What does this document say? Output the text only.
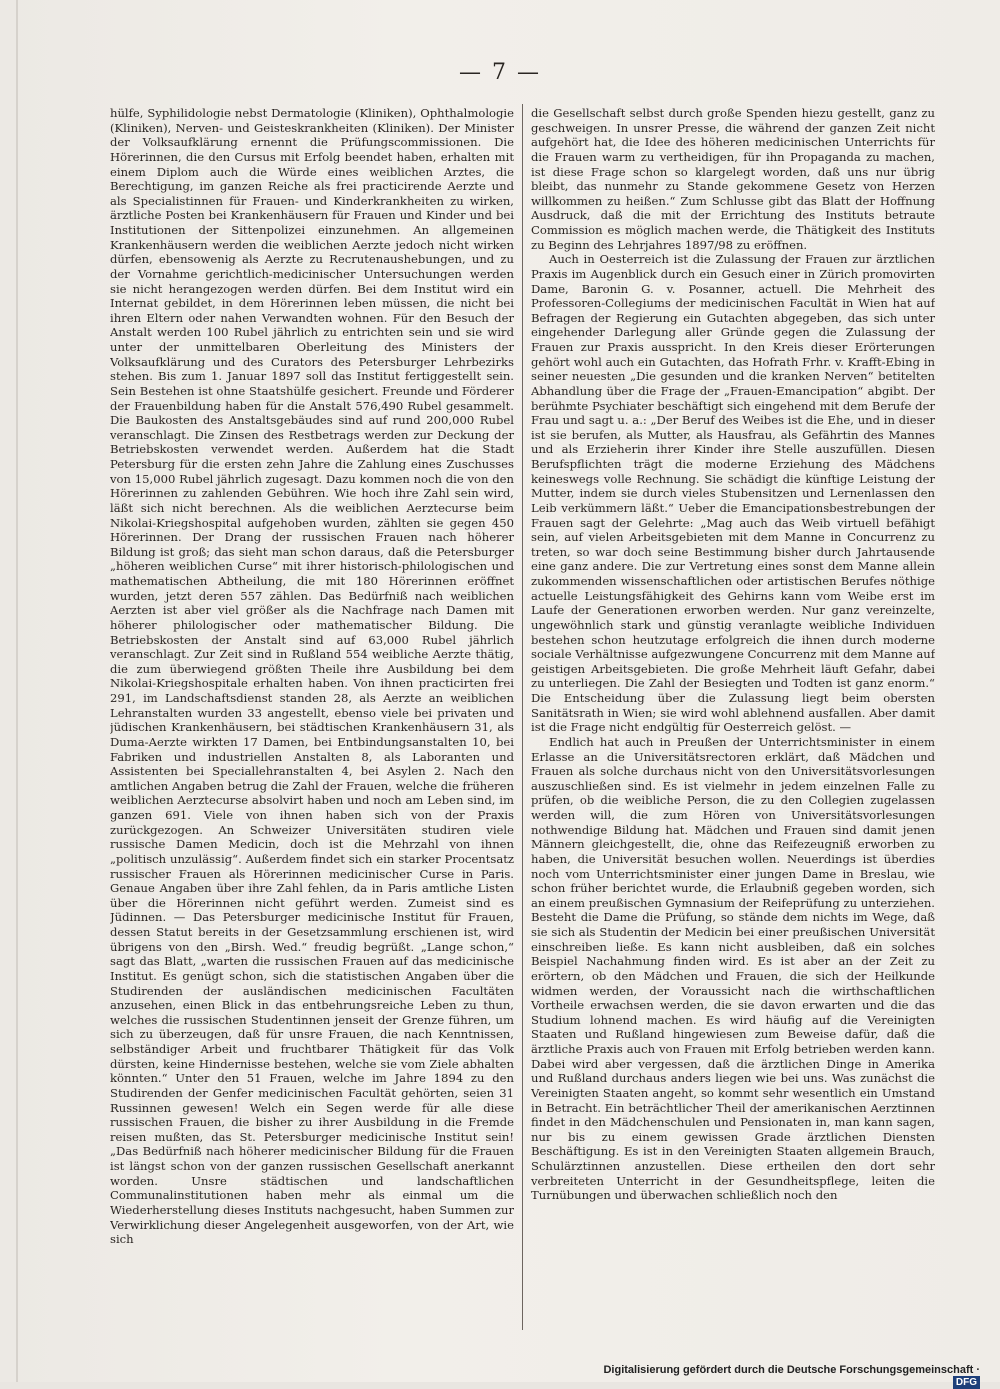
— 7 —

hülfe, Syphilidologie nebst Dermatologie (Kliniken), Ophthalmologie (Kliniken), Nerven- und Geisteskrankheiten (Kliniken). Der Minister der Volksaufklärung ernennt die Prüfungscommissionen. Die Hörerinnen, die den Cursus mit Erfolg beendet haben, erhalten mit einem Diplom auch die Würde eines weiblichen Arztes, die Berechtigung, im ganzen Reiche als frei practicirende Aerzte und als Specialistinnen für Frauen- und Kinderkrankheiten zu wirken, ärztliche Posten bei Krankenhäusern für Frauen und Kinder und bei Institutionen der Sittenpolizei einzunehmen. An allgemeinen Krankenhäusern werden die weiblichen Aerzte jedoch nicht wirken dürfen, ebensowenig als Aerzte zu Recrutenaushebungen, und zu der Vornahme gerichtlich-medicinischer Untersuchungen werden sie nicht herangezogen werden dürfen. Bei dem Institut wird ein Internat gebildet, in dem Hörerinnen leben müssen, die nicht bei ihren Eltern oder nahen Verwandten wohnen. Für den Besuch der Anstalt werden 100 Rubel jährlich zu entrichten sein und sie wird unter der unmittelbaren Oberleitung des Ministers der Volksaufklärung und des Curators des Petersburger Lehrbezirks stehen. Bis zum 1. Januar 1897 soll das Institut fertiggestellt sein. Sein Bestehen ist ohne Staatshülfe gesichert. Freunde und Förderer der Frauenbildung haben für die Anstalt 576,490 Rubel gesammelt. Die Baukosten des Anstaltsgebäudes sind auf rund 200,000 Rubel veranschlagt. Die Zinsen des Restbetrags werden zur Deckung der Betriebskosten verwendet werden. Außerdem hat die Stadt Petersburg für die ersten zehn Jahre die Zahlung eines Zuschusses von 15,000 Rubel jährlich zugesagt. Dazu kommen noch die von den Hörerinnen zu zahlenden Gebühren. Wie hoch ihre Zahl sein wird, läßt sich nicht berechnen. Als die weiblichen Aerztecurse beim Nikolai-Kriegshospital aufgehoben wurden, zählten sie gegen 450 Hörerinnen. Der Drang der russischen Frauen nach höherer Bildung ist groß; das sieht man schon daraus, daß die Petersburger „höheren weiblichen Curse“ mit ihrer historisch-philologischen und mathematischen Abtheilung, die mit 180 Hörerinnen eröffnet wurden, jetzt deren 557 zählen. Das Bedürfniß nach weiblichen Aerzten ist aber viel größer als die Nachfrage nach Damen mit höherer philologischer oder mathematischer Bildung. Die Betriebskosten der Anstalt sind auf 63,000 Rubel jährlich veranschlagt. Zur Zeit sind in Rußland 554 weibliche Aerzte thätig, die zum überwiegend größten Theile ihre Ausbildung bei dem Nikolai-Kriegshospitale erhalten haben. Von ihnen practicirten frei 291, im Landschaftsdienst standen 28, als Aerzte an weiblichen Lehranstalten wurden 33 angestellt, ebenso viele bei privaten und jüdischen Krankenhäusern, bei städtischen Krankenhäusern 31, als Duma-Aerzte wirkten 17 Damen, bei Entbindungsanstalten 10, bei Fabriken und industriellen Anstalten 8, als Laboranten und Assistenten bei Speciallehranstalten 4, bei Asylen 2. Nach den amtlichen Angaben betrug die Zahl der Frauen, welche die früheren weiblichen Aerztecurse absolvirt haben und noch am Leben sind, im ganzen 691. Viele von ihnen haben sich von der Praxis zurückgezogen. An Schweizer Universitäten studiren viele russische Damen Medicin, doch ist die Mehrzahl von ihnen „politisch unzulässig“. Außerdem findet sich ein starker Procentsatz russischer Frauen als Hörerinnen medicinischer Curse in Paris. Genaue Angaben über ihre Zahl fehlen, da in Paris amtliche Listen über die Hörerinnen nicht geführt werden. Zumeist sind es Jüdinnen. — Das Petersburger medicinische Institut für Frauen, dessen Statut bereits in der Gesetzsammlung erschienen ist, wird übrigens von den „Birsh. Wed.“ freudig begrüßt. „Lange schon,“ sagt das Blatt, „warten die russischen Frauen auf das medicinische Institut. Es genügt schon, sich die statistischen Angaben über die Studirenden der ausländischen medicinischen Facultäten anzusehen, einen Blick in das entbehrungsreiche Leben zu thun, welches die russischen Studentinnen jenseit der Grenze führen, um sich zu überzeugen, daß für unsre Frauen, die nach Kenntnissen, selbständiger Arbeit und fruchtbarer Thätigkeit für das Volk dürsten, keine Hindernisse bestehen, welche sie vom Ziele abhalten könnten.“ Unter den 51 Frauen, welche im Jahre 1894 zu den Studirenden der Genfer medicinischen Facultät gehörten, seien 31 Russinnen gewesen! Welch ein Segen werde für alle diese russischen Frauen, die bisher zu ihrer Ausbildung in die Fremde reisen mußten, das St. Petersburger medicinische Institut sein! „Das Bedürfniß nach höherer medicinischer Bildung für die Frauen ist längst schon von der ganzen russischen Gesellschaft anerkannt worden. Unsre städtischen und landschaftlichen Communalinstitutionen haben mehr als einmal um die Wiederherstellung dieses Instituts nachgesucht, haben Summen zur Verwirklichung dieser Angelegenheit ausgeworfen, von der Art, wie sich

die Gesellschaft selbst durch große Spenden hiezu gestellt, ganz zu geschweigen. In unsrer Presse, die während der ganzen Zeit nicht aufgehört hat, die Idee des höheren medicinischen Unterrichts für die Frauen warm zu vertheidigen, für ihn Propaganda zu machen, ist diese Frage schon so klargelegt worden, daß uns nur übrig bleibt, das nunmehr zu Stande gekommene Gesetz von Herzen willkommen zu heißen.“ Zum Schlusse gibt das Blatt der Hoffnung Ausdruck, daß die mit der Errichtung des Instituts betraute Commission es möglich machen werde, die Thätigkeit des Instituts zu Beginn des Lehrjahres 1897/98 zu eröffnen.

Auch in Oesterreich ist die Zulassung der Frauen zur ärztlichen Praxis im Augenblick durch ein Gesuch einer in Zürich promovirten Dame, Baronin G. v. Posanner, actuell. Die Mehrheit des Professoren-Collegiums der medicinischen Facultät in Wien hat auf Befragen der Regierung ein Gutachten abgegeben, das sich unter eingehender Darlegung aller Gründe gegen die Zulassung der Frauen zur Praxis ausspricht. In den Kreis dieser Erörterungen gehört wohl auch ein Gutachten, das Hofrath Frhr. v. Krafft-Ebing in seiner neuesten „Die gesunden und die kranken Nerven“ betitelten Abhandlung über die Frage der „Frauen-Emancipation“ abgibt. Der berühmte Psychiater beschäftigt sich eingehend mit dem Berufe der Frau und sagt u. a.: „Der Beruf des Weibes ist die Ehe, und in dieser ist sie berufen, als Mutter, als Hausfrau, als Gefährtin des Mannes und als Erzieherin ihrer Kinder ihre Stelle auszufüllen. Diesen Berufspflichten trägt die moderne Erziehung des Mädchens keineswegs volle Rechnung. Sie schädigt die künftige Leistung der Mutter, indem sie durch vieles Stubensitzen und Lernenlassen den Leib verkümmern läßt.“ Ueber die Emancipationsbestrebungen der Frauen sagt der Gelehrte: „Mag auch das Weib virtuell befähigt sein, auf vielen Arbeitsgebieten mit dem Manne in Concurrenz zu treten, so war doch seine Bestimmung bisher durch Jahrtausende eine ganz andere. Die zur Vertretung eines sonst dem Manne allein zukommenden wissenschaftlichen oder artistischen Berufes nöthige actuelle Leistungsfähigkeit des Gehirns kann vom Weibe erst im Laufe der Generationen erworben werden. Nur ganz vereinzelte, ungewöhnlich stark und günstig veranlagte weibliche Individuen bestehen schon heutzutage erfolgreich die ihnen durch moderne sociale Verhältnisse aufgezwungene Concurrenz mit dem Manne auf geistigen Arbeitsgebieten. Die große Mehrheit läuft Gefahr, dabei zu unterliegen. Die Zahl der Besiegten und Todten ist ganz enorm.“ Die Entscheidung über die Zulassung liegt beim obersten Sanitätsrath in Wien; sie wird wohl ablehnend ausfallen. Aber damit ist die Frage nicht endgültig für Oesterreich gelöst. —

Endlich hat auch in Preußen der Unterrichtsminister in einem Erlasse an die Universitätsrectoren erklärt, daß Mädchen und Frauen als solche durchaus nicht von den Universitätsvorlesungen auszuschließen sind. Es ist vielmehr in jedem einzelnen Falle zu prüfen, ob die weibliche Person, die zu den Collegien zugelassen werden will, die zum Hören von Universitätsvorlesungen nothwendige Bildung hat. Mädchen und Frauen sind damit jenen Männern gleichgestellt, die, ohne das Reifezeugniß erworben zu haben, die Universität besuchen wollen. Neuerdings ist überdies noch vom Unterrichtsminister einer jungen Dame in Breslau, wie schon früher berichtet wurde, die Erlaubniß gegeben worden, sich an einem preußischen Gymnasium der Reifeprüfung zu unterziehen. Besteht die Dame die Prüfung, so stände dem nichts im Wege, daß sie sich als Studentin der Medicin bei einer preußischen Universität einschreiben ließe. Es kann nicht ausbleiben, daß ein solches Beispiel Nachahmung finden wird. Es ist aber an der Zeit zu erörtern, ob den Mädchen und Frauen, die sich der Heilkunde widmen werden, der Voraussicht nach die wirthschaftlichen Vortheile erwachsen werden, die sie davon erwarten und die das Studium lohnend machen. Es wird häufig auf die Vereinigten Staaten und Rußland hingewiesen zum Beweise dafür, daß die ärztliche Praxis auch von Frauen mit Erfolg betrieben werden kann. Dabei wird aber vergessen, daß die ärztlichen Dinge in Amerika und Rußland durchaus anders liegen wie bei uns. Was zunächst die Vereinigten Staaten angeht, so kommt sehr wesentlich ein Umstand in Betracht. Ein beträchtlicher Theil der amerikanischen Aerztinnen findet in den Mädchenschulen und Pensionaten in, man kann sagen, nur bis zu einem gewissen Grade ärztlichen Diensten Beschäftigung. Es ist in den Vereinigten Staaten allgemein Brauch, Schulärztinnen anzustellen. Diese ertheilen den dort sehr verbreiteten Unterricht in der Gesundheitspflege, leiten die Turnübungen und überwachen schließlich noch den

Digitalisierung gefördert durch die Deutsche Forschungsgemeinschaft · DFG
